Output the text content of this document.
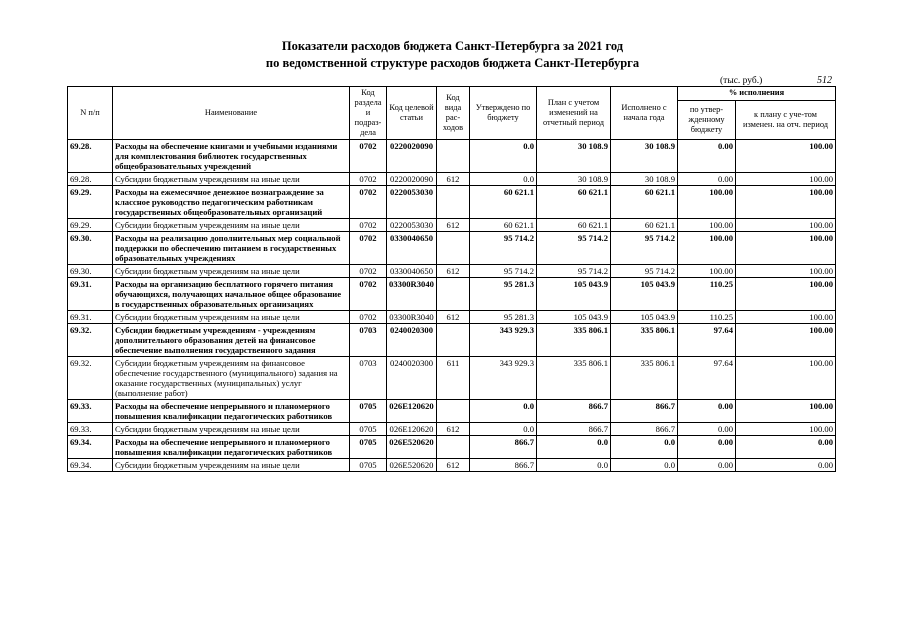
Показатели расходов бюджета Санкт-Петербурга за 2021 год
по ведомственной структуре расходов бюджета Санкт-Петербурга
(тыс. руб.)	512
N п/п	Наименование	Код раздела и подраз-дела	Код целевой статьи	Код вида рас-ходов	Утверждено по бюджету	План с учетом изменений на отчетный период	Исполнено с начала года	% исполнения	
								по утвер-жденному бюджету	к плану с уче-том изменен. на отч. период
69.28.	Расходы на обеспечение книгами и учебными изданиями для комплектования библиотек государственных общеобразовательных учреждений	0702	0220020090		0.0	30 108.9	30 108.9	0.00	100.00
69.28.	Субсидии бюджетным учреждениям на иные цели	0702	0220020090	612	0.0	30 108.9	30 108.9	0.00	100.00
69.29.	Расходы на ежемесячное денежное вознаграждение за классное руководство педагогическим работникам государственных общеобразовательных организаций	0702	0220053030		60 621.1	60 621.1	60 621.1	100.00	100.00
69.29.	Субсидии бюджетным учреждениям на иные цели	0702	0220053030	612	60 621.1	60 621.1	60 621.1	100.00	100.00
69.30.	Расходы на реализацию дополнительных мер социальной поддержки по обеспечению питанием в государственных образовательных учреждениях	0702	0330040650		95 714.2	95 714.2	95 714.2	100.00	100.00
69.30.	Субсидии бюджетным учреждениям на иные цели	0702	0330040650	612	95 714.2	95 714.2	95 714.2	100.00	100.00
69.31.	Расходы на организацию бесплатного горячего питания обучающихся, получающих начальное общее образование в государственных образовательных организациях	0702	03300R3040		95 281.3	105 043.9	105 043.9	110.25	100.00
69.31.	Субсидии бюджетным учреждениям на иные цели	0702	03300R3040	612	95 281.3	105 043.9	105 043.9	110.25	100.00
69.32.	Субсидии бюджетным учреждениям - учреждениям дополнительного образования детей на финансовое обеспечение выполнения государственного задания	0703	0240020300		343 929.3	335 806.1	335 806.1	97.64	100.00
69.32.	Субсидии бюджетным учреждениям на финансовое обеспечение государственного (муниципального) задания на оказание государственных (муниципальных) услуг (выполнение работ)	0703	0240020300	611	343 929.3	335 806.1	335 806.1	97.64	100.00
69.33.	Расходы на обеспечение непрерывного и планомерного повышения квалификации педагогических работников	0705	026E120620		0.0	866.7	866.7	0.00	100.00
69.33.	Субсидии бюджетным учреждениям на иные цели	0705	026E120620	612	0.0	866.7	866.7	0.00	100.00
69.34.	Расходы на обеспечение непрерывного и планомерного повышения квалификации педагогических работников	0705	026E520620		866.7	0.0	0.0	0.00	0.00
69.34.	Субсидии бюджетным учреждениям на иные цели	0705	026E520620	612	866.7	0.0	0.0	0.00	0.00
